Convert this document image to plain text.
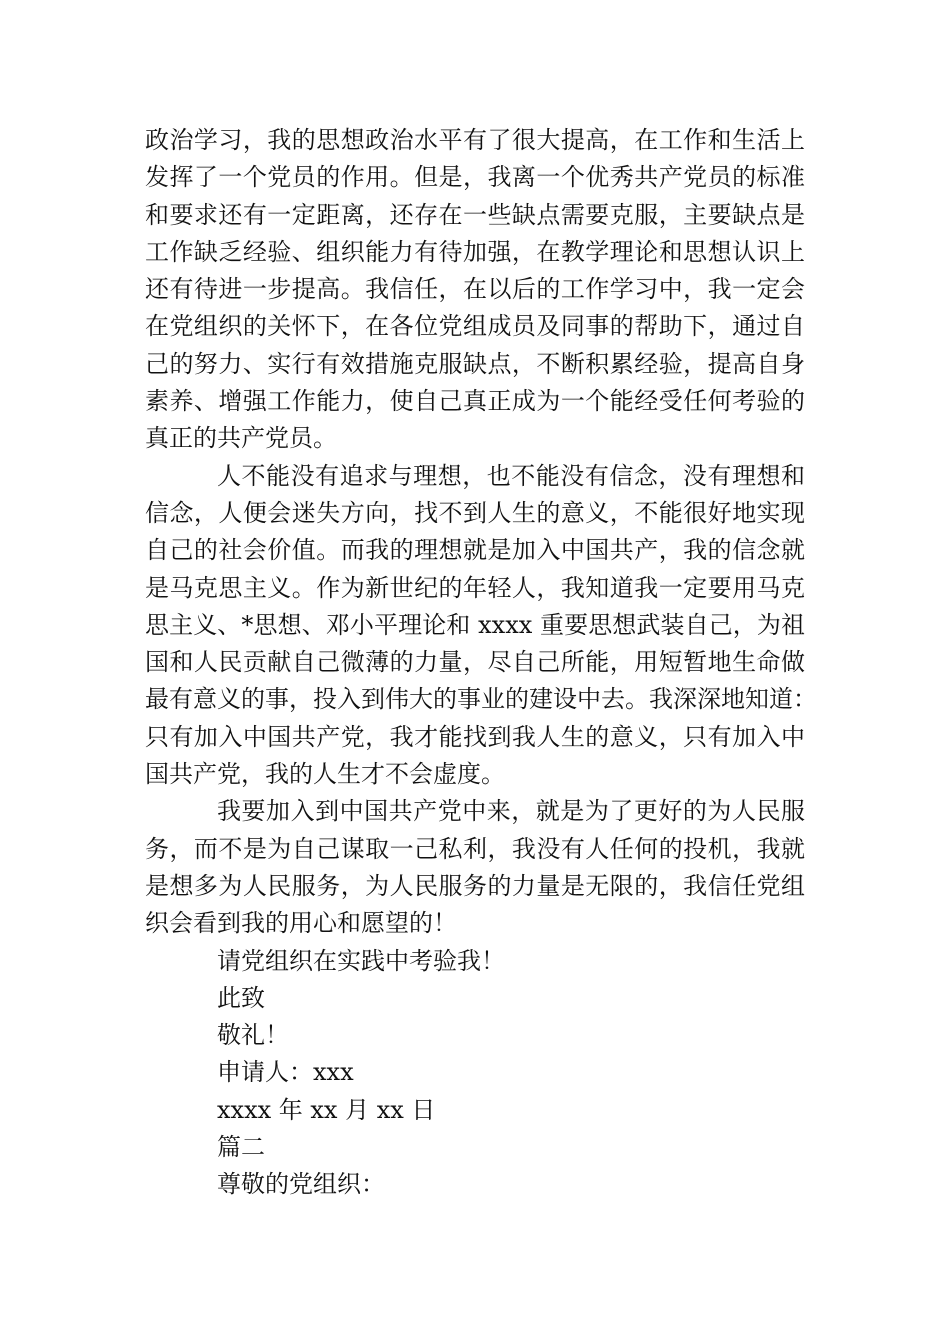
政治学习，我的思想政治水平有了很大提高，在工作和生活上
发挥了一个党员的作用。但是，我离一个优秀共产党员的标准
和要求还有一定距离，还存在一些缺点需要克服，主要缺点是
工作缺乏经验、组织能力有待加强，在教学理论和思想认识上
还有待进一步提高。我信任，在以后的工作学习中，我一定会
在党组织的关怀下，在各位党组成员及同事的帮助下，通过自
己的努力、实行有效措施克服缺点，不断积累经验，提高自身
素养、增强工作能力，使自己真正成为一个能经受任何考验的
真正的共产党员。
人不能没有追求与理想，也不能没有信念，没有理想和
信念，人便会迷失方向，找不到人生的意义，不能很好地实现
自己的社会价值。而我的理想就是加入中国共产，我的信念就
是马克思主义。作为新世纪的年轻人，我知道我一定要用马克
思主义、*思想、邓小平理论和 xxxx 重要思想武装自己，为祖
国和人民贡献自己微薄的力量，尽自己所能，用短暂地生命做
最有意义的事，投入到伟大的事业的建设中去。我深深地知道：
只有加入中国共产党，我才能找到我人生的意义，只有加入中
国共产党，我的人生才不会虚度。
我要加入到中国共产党中来，就是为了更好的为人民服
务，而不是为自己谋取一己私利，我没有人任何的投机，我就
是想多为人民服务，为人民服务的力量是无限的，我信任党组
织会看到我的用心和愿望的！
请党组织在实践中考验我！
此致
敬礼！
申请人：xxx
xxxx 年 xx 月 xx 日
篇二
尊敬的党组织：
